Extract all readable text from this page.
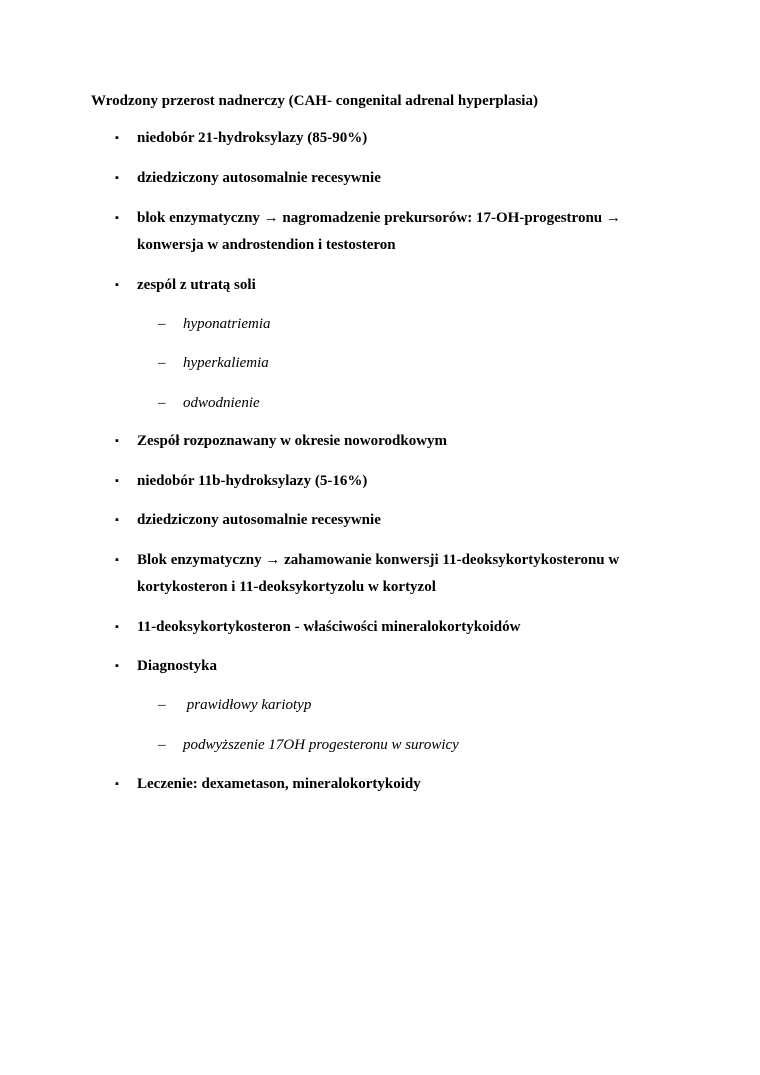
Wrodzony przerost nadnerczy (CAH- congenital adrenal hyperplasia)
▪ niedobór 21-hydroksylazy (85-90%)
▪ dziedziczony autosomalnie recesywnie
▪ blok enzymatyczny → nagromadzenie prekursorów: 17-OH-progestronu →
konwersja w androstendion i testosteron
▪ zespól z utratą soli
– hyponatriemia
– hyperkaliemia
– odwodnienie
▪ Zespół rozpoznawany w okresie noworodkowym
▪ niedobór 11b-hydroksylazy (5-16%)
▪ dziedziczony autosomalnie recesywnie
▪ Blok enzymatyczny → zahamowanie konwersji 11-deoksykortykosteronu w
kortykosteron i 11-deoksykortyzolu w kortyzol
▪ 11-deoksykortykosteron - właściwości mineralokortykoidów
▪ Diagnostyka
– prawidłowy kariotyp
– podwyższenie 17OH progesteronu w surowicy
▪ Leczenie: dexametason, mineralokortykoidy
